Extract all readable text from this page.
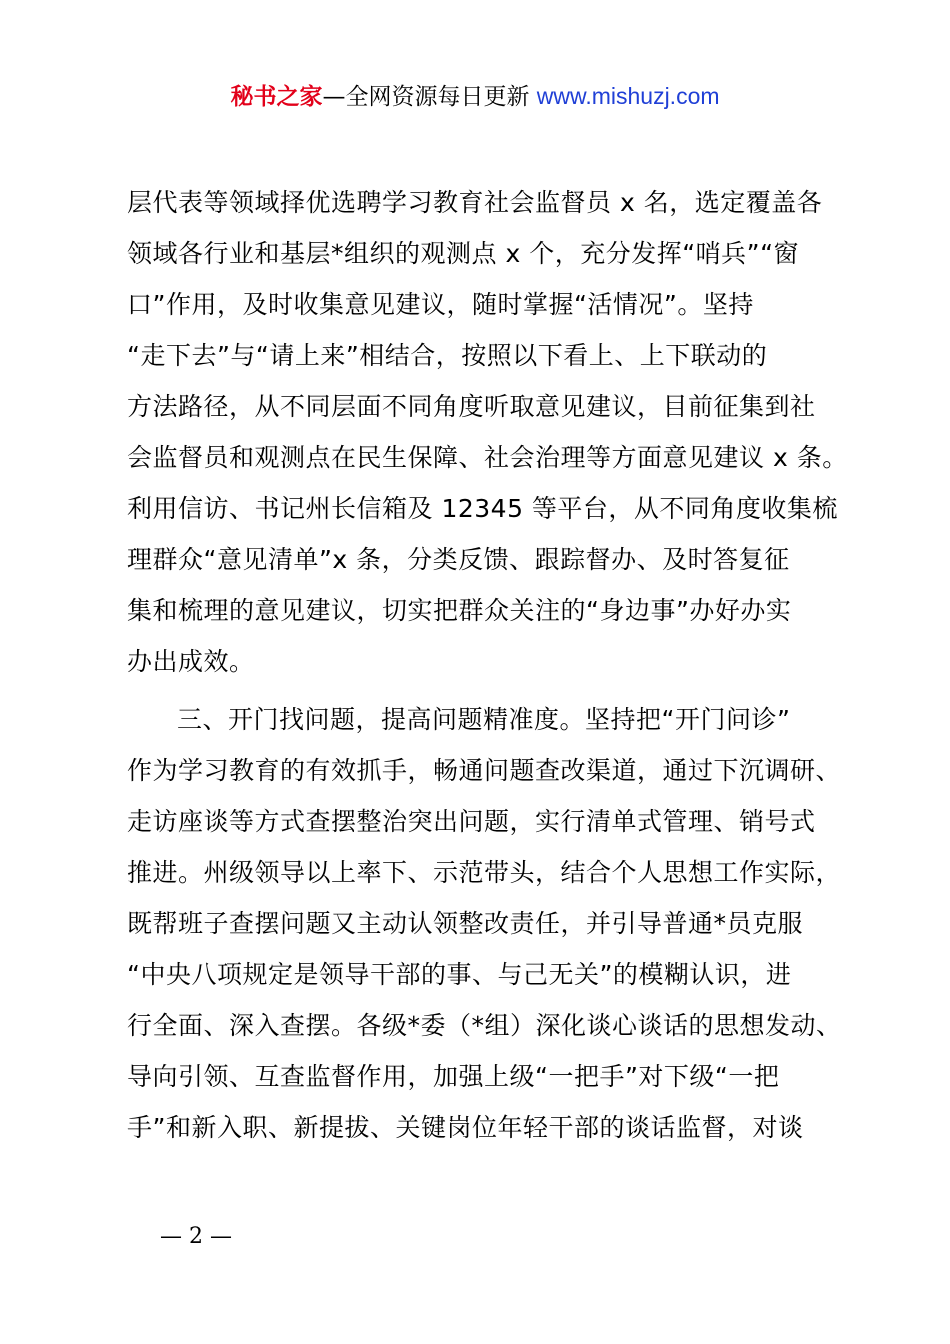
秘书之家—全网资源每日更新 www.mishuzj.com
层代表等领域择优选聘学习教育社会监督员 x 名，选定覆盖各
领域各行业和基层*组织的观测点 x 个，充分发挥“哨兵”“窗
口”作用，及时收集意见建议，随时掌握“活情况”。坚持
“走下去”与“请上来”相结合，按照以下看上、上下联动的
方法路径，从不同层面不同角度听取意见建议，目前征集到社
会监督员和观测点在民生保障、社会治理等方面意见建议 x 条。
利用信访、书记州长信箱及 12345 等平台，从不同角度收集梳
理群众“意见清单”x 条，分类反馈、跟踪督办、及时答复征
集和梳理的意见建议，切实把群众关注的“身边事”办好办实
办出成效。
三、开门找问题，提高问题精准度。坚持把“开门问诊”
作为学习教育的有效抓手，畅通问题查改渠道，通过下沉调研、
走访座谈等方式查摆整治突出问题，实行清单式管理、销号式
推进。州级领导以上率下、示范带头，结合个人思想工作实际，
既帮班子查摆问题又主动认领整改责任，并引导普通*员克服
“中央八项规定是领导干部的事、与己无关”的模糊认识，进
行全面、深入查摆。各级*委（*组）深化谈心谈话的思想发动、
导向引领、互查监督作用，加强上级“一把手”对下级“一把
手”和新入职、新提拔、关键岗位年轻干部的谈话监督，对谈
— 2 —
